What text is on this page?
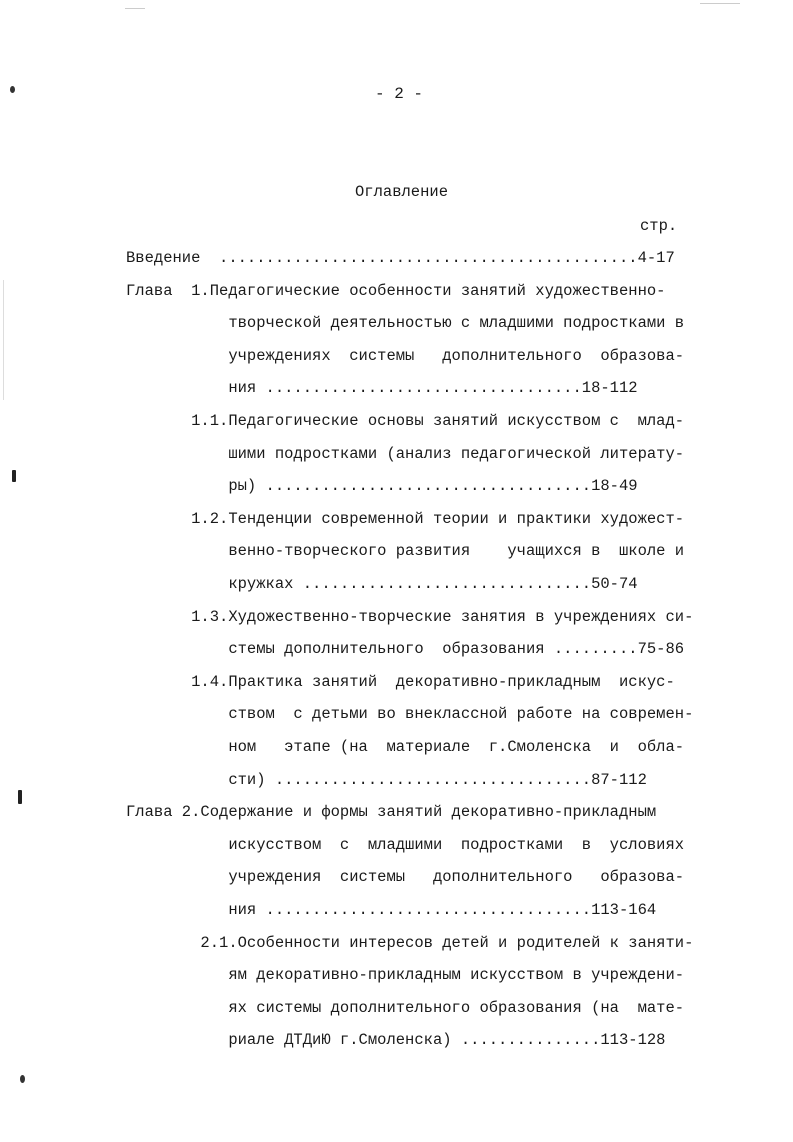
- 2 -
Оглавление
стр.
Введение  .............................................4-17
Глава  1.Педагогические особенности занятий художественно-
творческой деятельностью с младшими подростками в
учреждениях  системы   дополнительного  образова-
ния ..................................18-112
1.1.Педагогические основы занятий искусством с  млад-
шими подростками (анализ педагогической литерату-
ры) ...................................18-49
1.2.Тенденции современной теории и практики художест-
венно-творческого развития    учащихся в  школе и
кружках ...............................50-74
1.3.Художественно-творческие занятия в учреждениях си-
стемы дополнительного  образования .........75-86
1.4.Практика занятий  декоративно-прикладным  искус-
ством  с детьми во внеклассной работе на современ-
ном   этапе (на  материале  г.Смоленска  и  обла-
сти) ..................................87-112
Глава 2.Содержание и формы занятий декоративно-прикладным
искусством  с  младшими  подростками  в  условиях
учреждения  системы   дополнительного   образова-
ния ...................................113-164
2.1.Особенности интересов детей и родителей к заняти-
ям декоративно-прикладным искусством в учреждени-
ях системы дополнительного образования (на  мате-
риале ДТДиЮ г.Смоленска) ...............113-128
